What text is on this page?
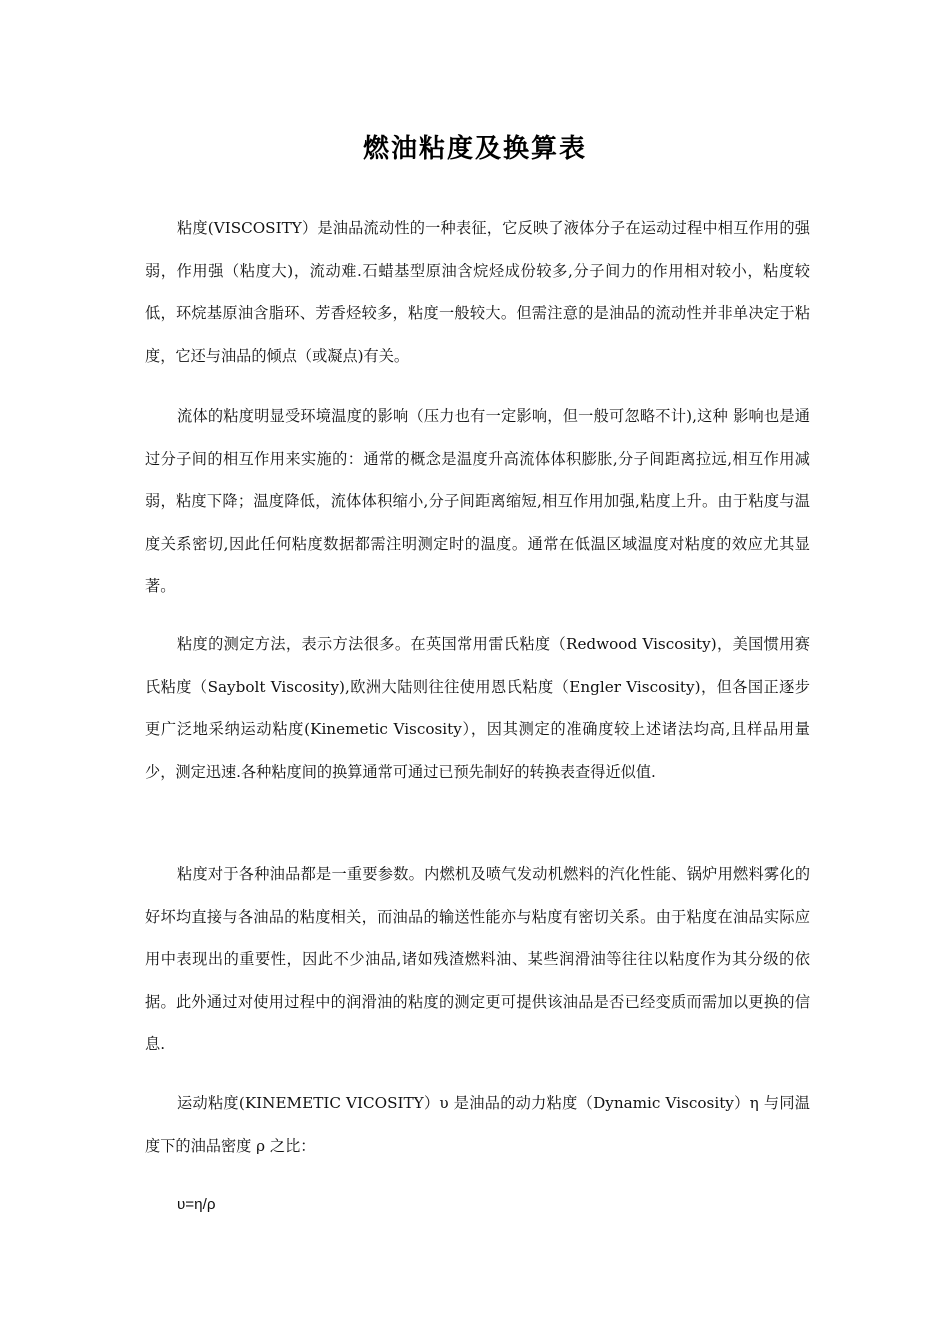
燃油粘度及换算表

粘度(VISCOSITY）是油品流动性的一种表征，它反映了液体分子在运动过程中相互作用的强弱，作用强（粘度大)，流动难.石蜡基型原油含烷烃成份较多,分子间力的作用相对较小，粘度较低，环烷基原油含脂环、芳香烃较多，粘度一般较大。但需注意的是油品的流动性并非单决定于粘度，它还与油品的倾点（或凝点)有关。

流体的粘度明显受环境温度的影响（压力也有一定影响，但一般可忽略不计),这种 影响也是通过分子间的相互作用来实施的：通常的概念是温度升高流体体积膨胀,分子间距离拉远,相互作用减弱，粘度下降；温度降低，流体体积缩小,分子间距离缩短,相互作用加强,粘度上升。由于粘度与温度关系密切,因此任何粘度数据都需注明测定时的温度。通常在低温区域温度对粘度的效应尤其显著。

粘度的测定方法，表示方法很多。在英国常用雷氏粘度（Redwood Viscosity)，美国惯用赛氏粘度（Saybolt Viscosity),欧洲大陆则往往使用恩氏粘度（Engler Viscosity)，但各国正逐步更广泛地采纳运动粘度(Kinemetic Viscosity），因其测定的准确度较上述诸法均高,且样品用量少，测定迅速.各种粘度间的换算通常可通过已预先制好的转换表查得近似值.

粘度对于各种油品都是一重要参数。内燃机及喷气发动机燃料的汽化性能、锅炉用燃料雾化的好坏均直接与各油品的粘度相关，而油品的输送性能亦与粘度有密切关系。由于粘度在油品实际应用中表现出的重要性，因此不少油品,诸如残渣燃料油、某些润滑油等往往以粘度作为其分级的依据。此外通过对使用过程中的润滑油的粘度的测定更可提供该油品是否已经变质而需加以更换的信息.

运动粘度(KINEMETIC VICOSITY）υ 是油品的动力粘度（Dynamic Viscosity）η 与同温度下的油品密度 ρ 之比：

υ=η/ρ
